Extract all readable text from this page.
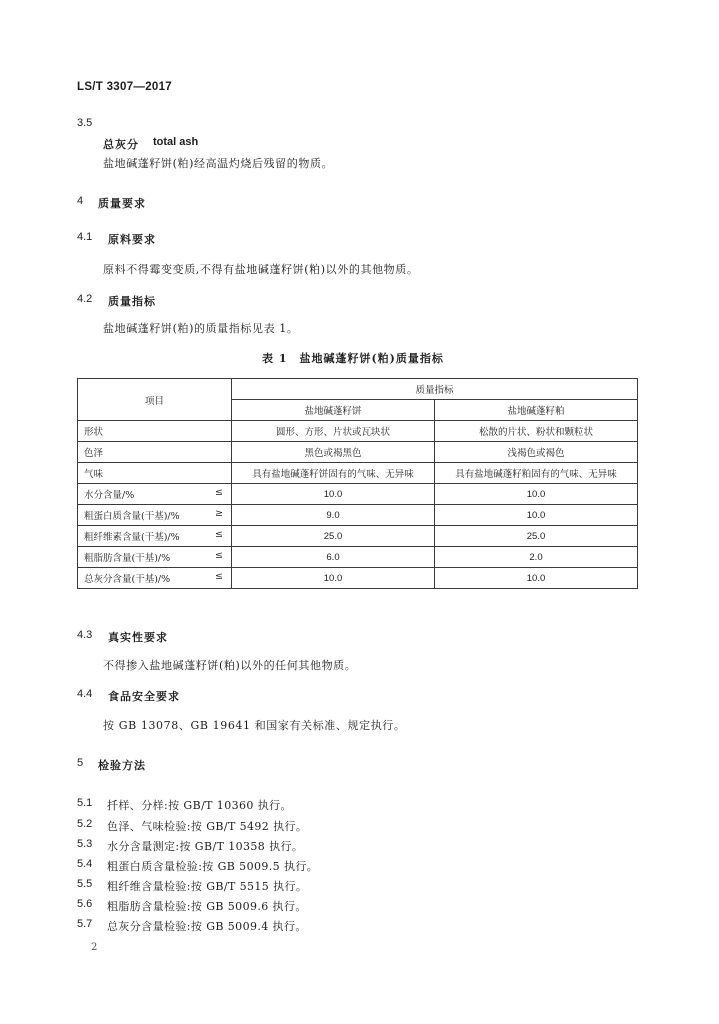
LS/T 3307—2017
3.5
总灰分 total ash
盐地碱蓬籽饼(粕)经高温灼烧后残留的物质。
4 质量要求
4.1 原料要求
原料不得霉变变质,不得有盐地碱蓬籽饼(粕)以外的其他物质。
4.2 质量指标
盐地碱蓬籽饼(粕)的质量指标见表 1。
表 1　盐地碱蓬籽饼(粕)质量指标
项目	质量指标	
	盐地碱蓬籽饼	盐地碱蓬籽粕
形状	圆形、方形、片状或瓦块状	松散的片状、粉状和颗粒状
色泽	黑色或褐黑色	浅褐色或褐色
气味	具有盐地碱蓬籽饼固有的气味、无异味	具有盐地碱蓬籽粕固有的气味、无异味
水分含量/% ≤	10.0	10.0
粗蛋白质含量(干基)/% ≥	9.0	10.0
粗纤维素含量(干基)/% ≤	25.0	25.0
粗脂肪含量(干基)/% ≤	6.0	2.0
总灰分含量(干基)/% ≤	10.0	10.0
4.3 真实性要求
不得掺入盐地碱蓬籽饼(粕)以外的任何其他物质。
4.4 食品安全要求
按 GB 13078、GB 19641 和国家有关标准、规定执行。
5 检验方法
5.1 扦样、分样:按 GB/T 10360 执行。
5.2 色泽、气味检验:按 GB/T 5492 执行。
5.3 水分含量测定:按 GB/T 10358 执行。
5.4 粗蛋白质含量检验:按 GB 5009.5 执行。
5.5 粗纤维含量检验:按 GB/T 5515 执行。
5.6 粗脂肪含量检验:按 GB 5009.6 执行。
5.7 总灰分含量检验:按 GB 5009.4 执行。
2
